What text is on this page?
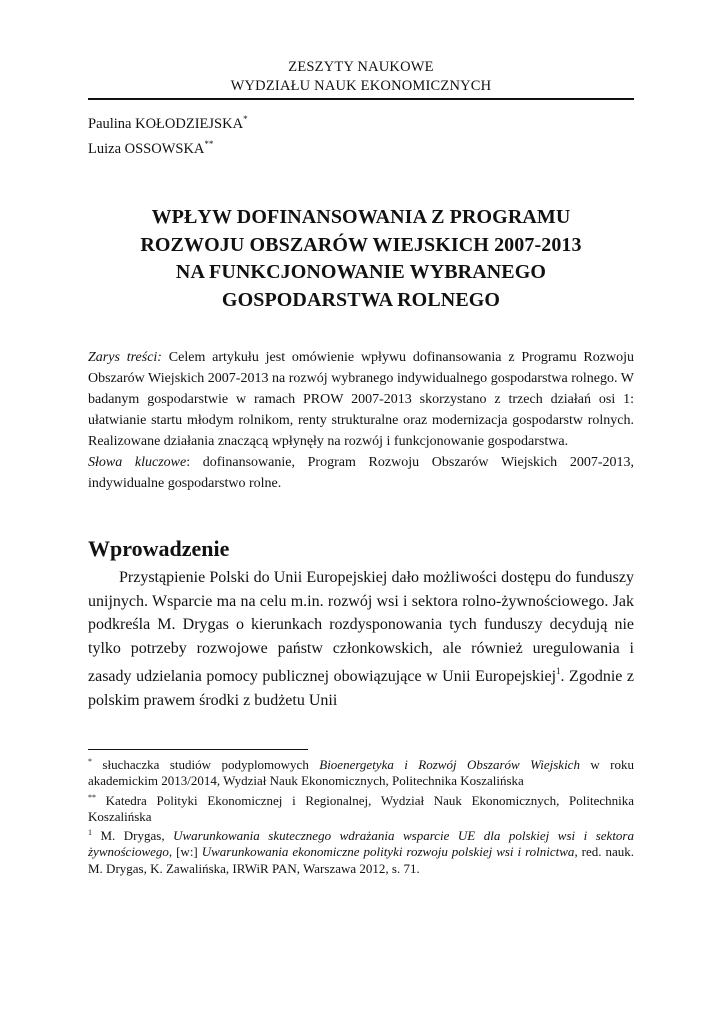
ZESZYTY NAUKOWE
WYDZIAŁU NAUK EKONOMICZNYCH
Paulina KOŁODZIEJSKA*
Luiza OSSOWSKA**
WPŁYW DOFINANSOWANIA Z PROGRAMU
ROZWOJU OBSZARÓW WIEJSKICH 2007-2013
NA FUNKCJONOWANIE WYBRANEGO
GOSPODARSTWA ROLNEGO

Zarys treści: Celem artykułu jest omówienie wpływu dofinansowania z Programu Rozwoju Obszarów Wiejskich 2007-2013 na rozwój wybranego indywidualnego gospodarstwa rolnego. W badanym gospodarstwie w ramach PROW 2007-2013 skorzystano z trzech działań osi 1: ułatwianie startu młodym rolnikom, renty strukturalne oraz modernizacja gospodarstw rolnych. Realizowane działania znaczącą wpłynęły na rozwój i funkcjonowanie gospodarstwa.

Słowa kluczowe: dofinansowanie, Program Rozwoju Obszarów Wiejskich 2007-2013, indywidualne gospodarstwo rolne.

Wprowadzenie

Przystąpienie Polski do Unii Europejskiej dało możliwości dostępu do funduszy unijnych. Wsparcie ma na celu m.in. rozwój wsi i sektora rolno-żywnościowego. Jak podkreśla M. Drygas o kierunkach rozdysponowania tych funduszy decydują nie tylko potrzeby rozwojowe państw członkowskich, ale również uregulowania i zasady udzielania pomocy publicznej obowiązujące w Unii Europejskiej$^1$. Zgodnie z polskim prawem środki z budżetu Unii

* słuchaczka studiów podyplomowych Bioenergetyka i Rozwój Obszarów Wiejskich w roku akademickim 2013/2014, Wydział Nauk Ekonomicznych, Politechnika Koszalińska

** Katedra Polityki Ekonomicznej i Regionalnej, Wydział Nauk Ekonomicznych, Politechnika Koszalińska

$^1$ M. Drygas, Uwarunkowania skutecznego wdrażania wsparcie UE dla polskiej wsi i sektora żywnościowego, [w:] Uwarunkowania ekonomiczne polityki rozwoju polskiej wsi i rolnictwa, red. nauk. M. Drygas, K. Zawalińska, IRWiR PAN, Warszawa 2012, s. 71.
